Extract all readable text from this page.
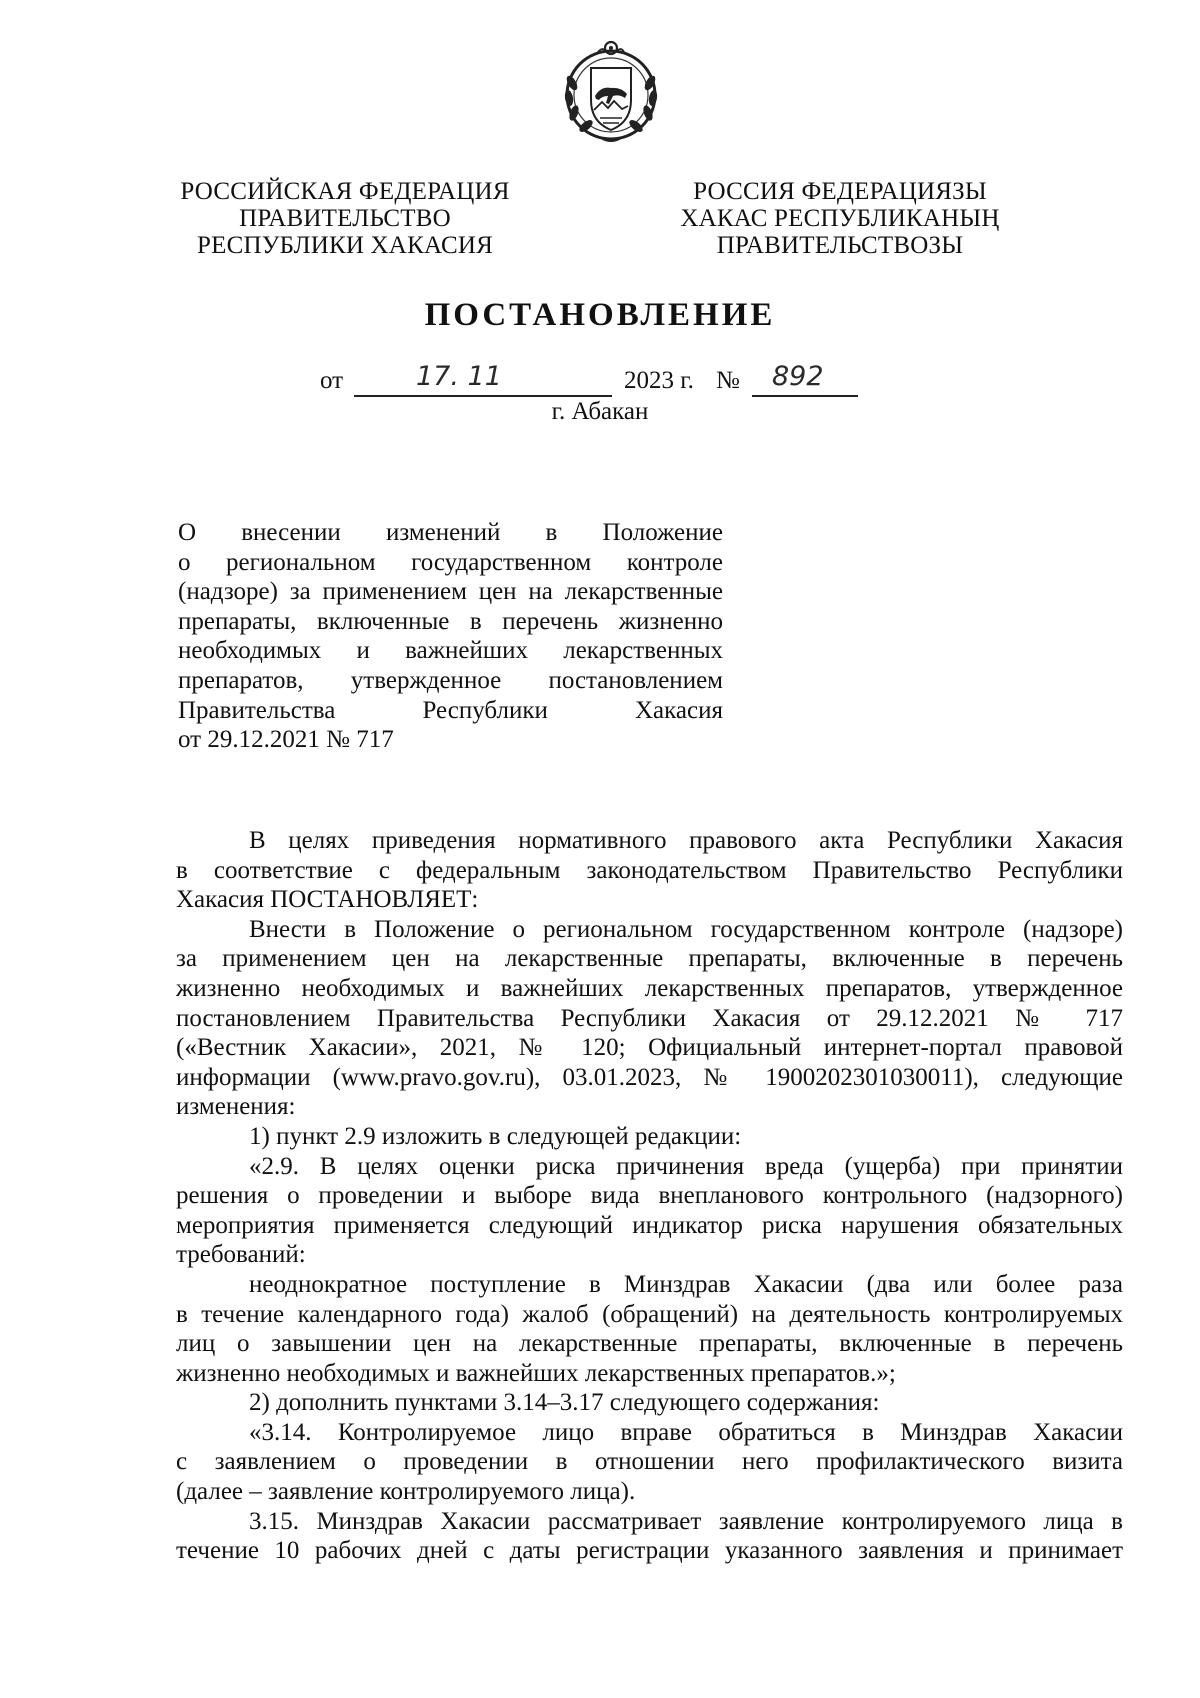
РОССИЙСКАЯ ФЕДЕРАЦИЯ
ПРАВИТЕЛЬСТВО
РЕСПУБЛИКИ ХАКАСИЯ
РОССИЯ ФЕДЕРАЦИЯЗЫ
ХАКАС РЕСПУБЛИКАНЫҢ
ПРАВИТЕЛЬСТВОЗЫ
ПОСТАНОВЛЕНИЕ
от	17. 11	2023 г. № 892
г. Абакан
О внесении изменений в Положение
о региональном государственном контроле
(надзоре) за применением цен на лекарственные
препараты, включенные в перечень жизненно
необходимых и важнейших лекарственных
препаратов, утвержденное постановлением
Правительства Республики Хакасия
от 29.12.2021 № 717
В целях приведения нормативного правового акта Республики Хакасия
в соответствие с федеральным законодательством Правительство Республики
Хакасия ПОСТАНОВЛЯЕТ:
Внести в Положение о региональном государственном контроле (надзоре)
за применением цен на лекарственные препараты, включенные в перечень
жизненно необходимых и важнейших лекарственных препаратов, утвержденное
постановлением Правительства Республики Хакасия от 29.12.2021 № 717
(«Вестник Хакасии», 2021, № 120; Официальный интернет-портал правовой
информации (www.pravo.gov.ru), 03.01.2023, № 1900202301030011), следующие
изменения:
1) пункт 2.9 изложить в следующей редакции:
«2.9. В целях оценки риска причинения вреда (ущерба) при принятии
решения о проведении и выборе вида внепланового контрольного (надзорного)
мероприятия применяется следующий индикатор риска нарушения обязательных
требований:
неоднократное поступление в Минздрав Хакасии (два или более раза
в течение календарного года) жалоб (обращений) на деятельность контролируемых
лиц о завышении цен на лекарственные препараты, включенные в перечень
жизненно необходимых и важнейших лекарственных препаратов.»;
2) дополнить пунктами 3.14–3.17 следующего содержания:
«3.14. Контролируемое лицо вправе обратиться в Минздрав Хакасии
с заявлением о проведении в отношении него профилактического визита
(далее – заявление контролируемого лица).
3.15. Минздрав Хакасии рассматривает заявление контролируемого лица в
течение 10 рабочих дней с даты регистрации указанного заявления и принимает
